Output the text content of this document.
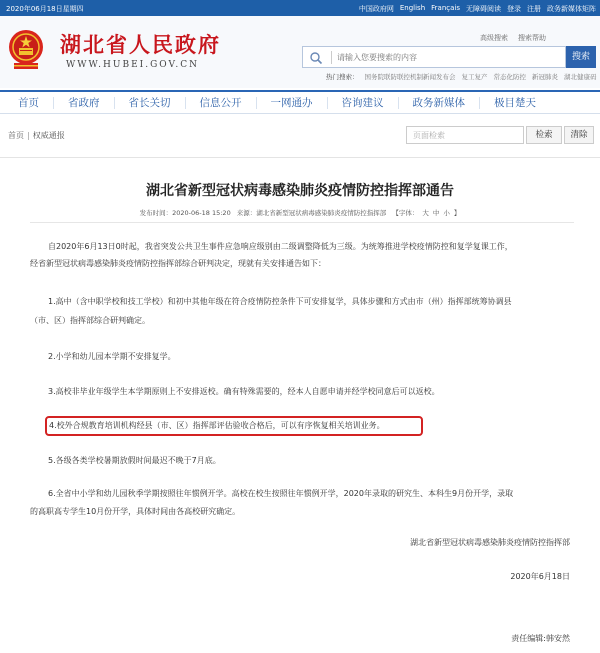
2020年06月18日星期四	中国政府网 English Français 无障碍阅读 登录 注册 政务新媒体矩阵
湖北省人民政府
WWW.HUBEI.GOV.CN
高级搜索 搜索帮助
请输入您要搜索的内容
搜索
热门搜索： 国务院联防联控机制新闻发布会 复工复产 常态化防控 新冠肺炎 湖北健康码
首页	省政府	省长关切	信息公开	一网通办	咨询建议	政务新媒体	极目楚天
首页 | 权威通报	页面检索	检索	清除
湖北省新型冠状病毒感染肺炎疫情防控指挥部通告
发布时间：2020-06-18 15:20 来源：湖北省新型冠状病毒感染肺炎疫情防控指挥部 【字体： 大 中 小 】
自2020年6月13日0时起，我省突发公共卫生事件应急响应级别由二级调整降低为三级。为统筹推进学校疫情防控和复学复课工作，
经省新型冠状病毒感染肺炎疫情防控指挥部综合研判决定，现就有关安排通告如下：
1.高中（含中职学校和技工学校）和初中其他年级在符合疫情防控条件下可安排复学，具体步骤和方式由市（州）指挥部统筹协调县
（市、区）指挥部综合研判确定。
2.小学和幼儿园本学期不安排复学。
3.高校非毕业年级学生本学期原则上不安排返校。确有特殊需要的，经本人自愿申请并经学校同意后可以返校。
4.校外合规教育培训机构经县（市、区）指挥部评估验收合格后，可以有序恢复相关培训业务。
5.各级各类学校暑期放假时间最迟不晚于7月底。
6.全省中小学和幼儿园秋季学期按照往年惯例开学。高校在校生按照往年惯例开学，2020年录取的研究生、本科生9月份开学，录取
的高职高专学生10月份开学，具体时间由各高校研究确定。
湖北省新型冠状病毒感染肺炎疫情防控指挥部
2020年6月18日
责任编辑:韩安然
